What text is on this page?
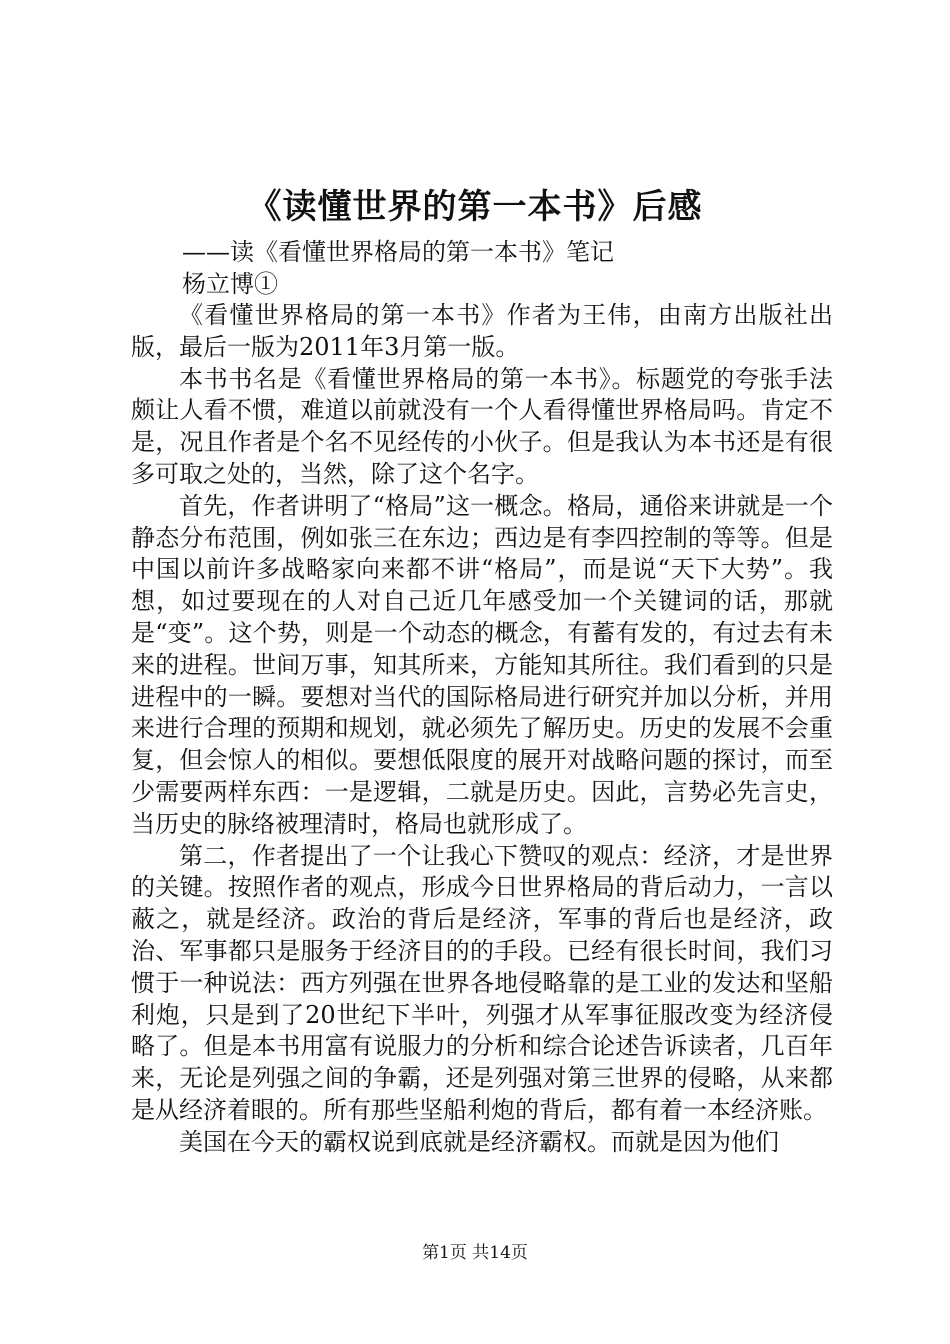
《读懂世界的第一本书》后感
——读《看懂世界格局的第一本书》笔记
杨立博①

《看懂世界格局的第一本书》作者为王伟，由南方出版社出版，最后一版为2011年3月第一版。

本书书名是《看懂世界格局的第一本书》。标题党的夸张手法颇让人看不惯，难道以前就没有一个人看得懂世界格局吗。肯定不是，况且作者是个名不见经传的小伙子。但是我认为本书还是有很多可取之处的，当然，除了这个名字。

首先，作者讲明了“格局”这一概念。格局，通俗来讲就是一个静态分布范围，例如张三在东边；西边是有李四控制的等等。但是中国以前许多战略家向来都不讲“格局”，而是说“天下大势”。我想，如过要现在的人对自己近几年感受加一个关键词的话，那就是“变”。这个势，则是一个动态的概念，有蓄有发的，有过去有未来的进程。世间万事，知其所来，方能知其所往。我们看到的只是进程中的一瞬。要想对当代的国际格局进行研究并加以分析，并用来进行合理的预期和规划，就必须先了解历史。历史的发展不会重复，但会惊人的相似。要想低限度的展开对战略问题的探讨，而至少需要两样东西：一是逻辑，二就是历史。因此，言势必先言史，当历史的脉络被理清时，格局也就形成了。

第二，作者提出了一个让我心下赞叹的观点：经济，才是世界的关键。按照作者的观点，形成今日世界格局的背后动力，一言以蔽之，就是经济。政治的背后是经济，军事的背后也是经济，政治、军事都只是服务于经济目的的手段。已经有很长时间，我们习惯于一种说法：西方列强在世界各地侵略靠的是工业的发达和坚船利炮，只是到了20世纪下半叶，列强才从军事征服改变为经济侵略了。但是本书用富有说服力的分析和综合论述告诉读者，几百年来，无论是列强之间的争霸，还是列强对第三世界的侵略，从来都是从经济着眼的。所有那些坚船利炮的背后，都有着一本经济账。

美国在今天的霸权说到底就是经济霸权。而就是因为他们

第1页 共14页
